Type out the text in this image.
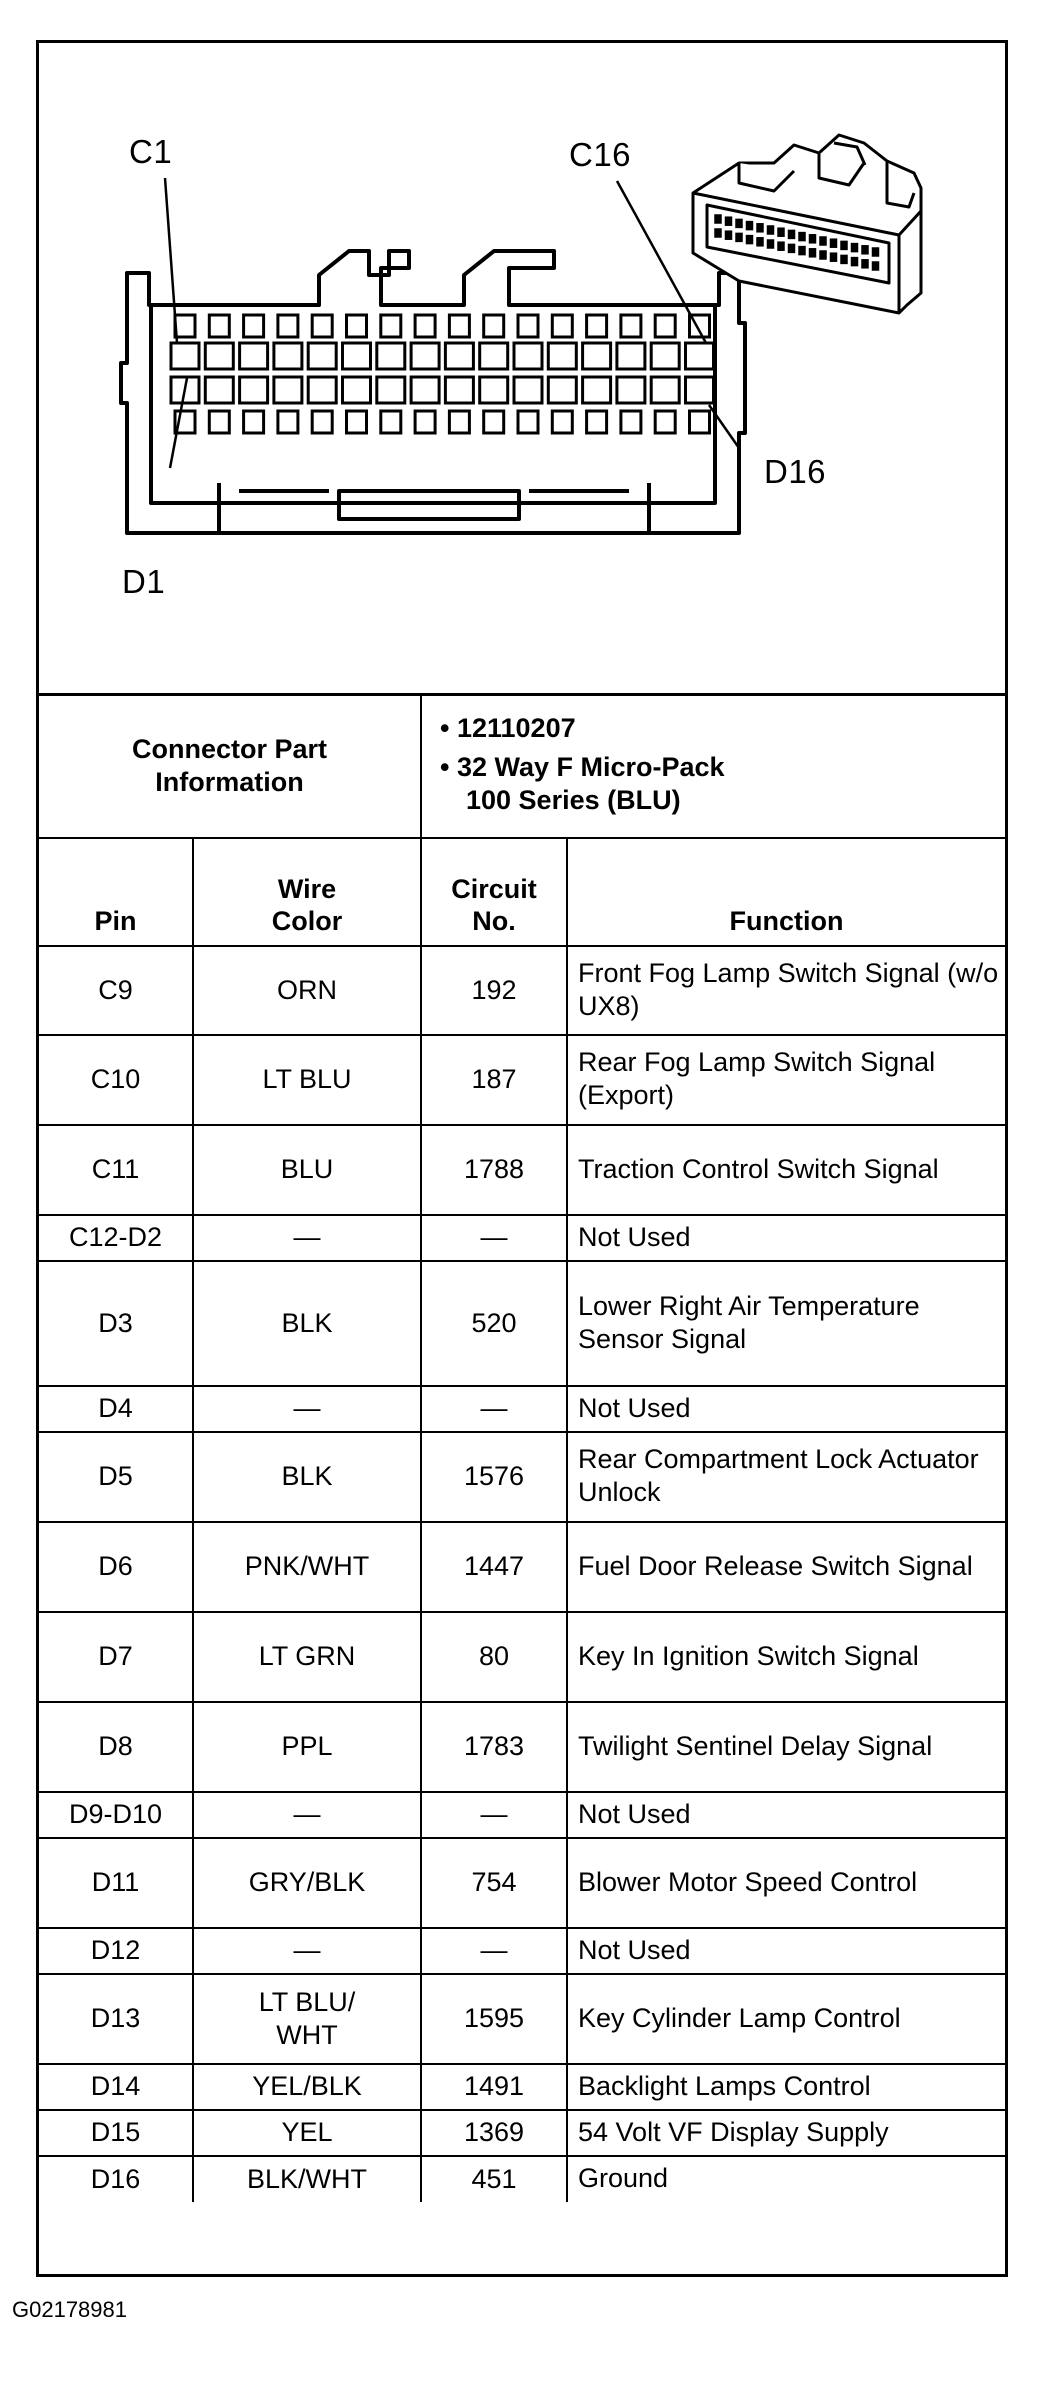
C1	C16
D1
D16
Connector Part Information		• 12110207
• 32 Way F Micro-Pack
100 Series (BLU)	

Pin	Wire Color	Circuit No.	Function

C9	ORN	192	Front Fog Lamp Switch Signal (w/o UX8)

C10	LT BLU	187	Rear Fog Lamp Switch Signal (Export)

C11	BLU	1788	Traction Control Switch Signal

C12-D2	—	—	Not Used

D3	BLK	520	Lower Right Air Temperature Sensor Signal

D4	—	—	Not Used

D5	BLK	1576	Rear Compartment Lock Actuator Unlock

D6	PNK/WHT	1447	Fuel Door Release Switch Signal

D7	LT GRN	80	Key In Ignition Switch Signal

D8	PPL	1783	Twilight Sentinel Delay Signal

D9-D10	—	—	Not Used

D11	GRY/BLK	754	Blower Motor Speed Control

D12	—	—	Not Used

D13	LT BLU/ WHT	1595	Key Cylinder Lamp Control

D14	YEL/BLK	1491	Backlight Lamps Control

D15	YEL	1369	54 Volt VF Display Supply

D16	BLK/WHT	451	Ground
G02178981
